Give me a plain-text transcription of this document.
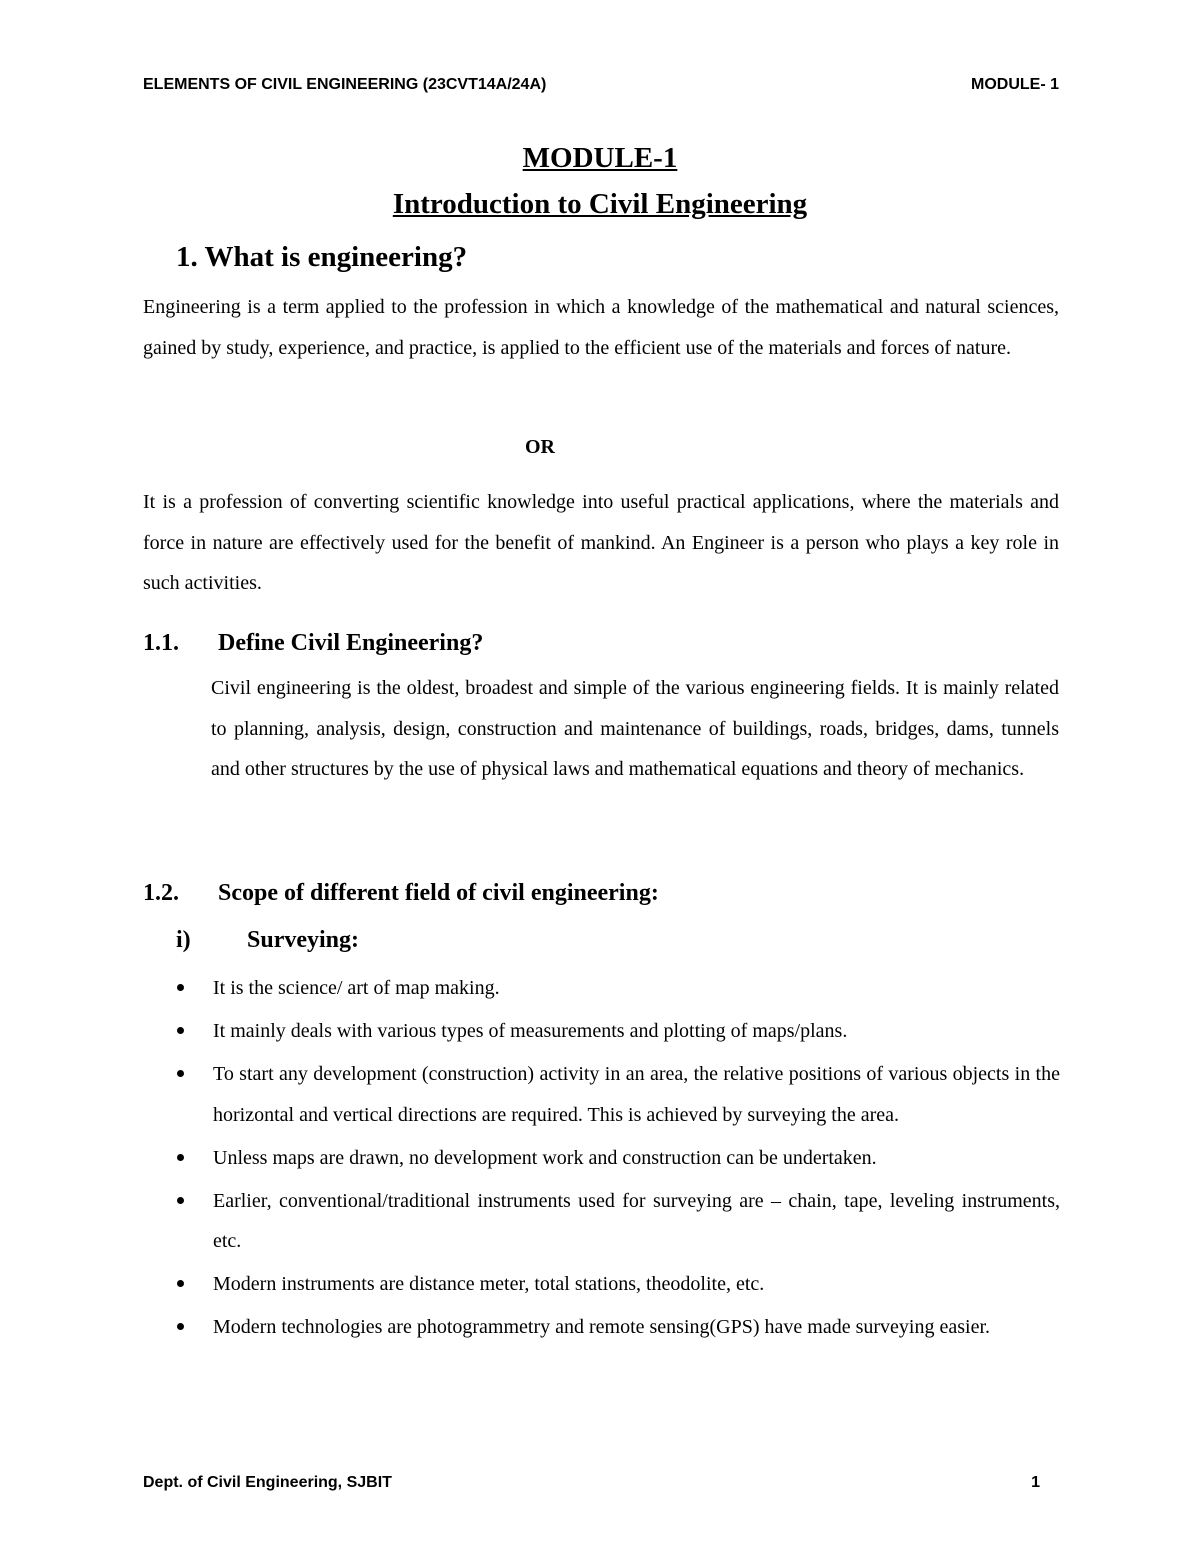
ELEMENTS OF CIVIL ENGINEERING (23CVT14A/24A)	MODULE- 1
MODULE-1
Introduction to Civil Engineering
1. What is engineering?

Engineering is a term applied to the profession in which a knowledge of the mathematical and natural sciences, gained by study, experience, and practice, is applied to the efficient use of the materials and forces of nature.

OR

It is a profession of converting scientific knowledge into useful practical applications, where the materials and force in nature are effectively used for the benefit of mankind. An Engineer is a person who plays a key role in such activities.

1.1. Define Civil Engineering?

Civil engineering is the oldest, broadest and simple of the various engineering fields. It is mainly related to planning, analysis, design, construction and maintenance of buildings, roads, bridges, dams, tunnels and other structures by the use of physical laws and mathematical equations and theory of mechanics.

1.2. Scope of different field of civil engineering:
i) Surveying:
It is the science/ art of map making.
It mainly deals with various types of measurements and plotting of maps/plans.
To start any development (construction) activity in an area, the relative positions of various objects in the horizontal and vertical directions are required. This is achieved by surveying the area.
Unless maps are drawn, no development work and construction can be undertaken.
Earlier, conventional/traditional instruments used for surveying are – chain, tape, leveling instruments, etc.
Modern instruments are distance meter, total stations, theodolite, etc.
Modern technologies are photogrammetry and remote sensing(GPS) have made surveying easier.
Dept. of Civil Engineering, SJBIT	1
